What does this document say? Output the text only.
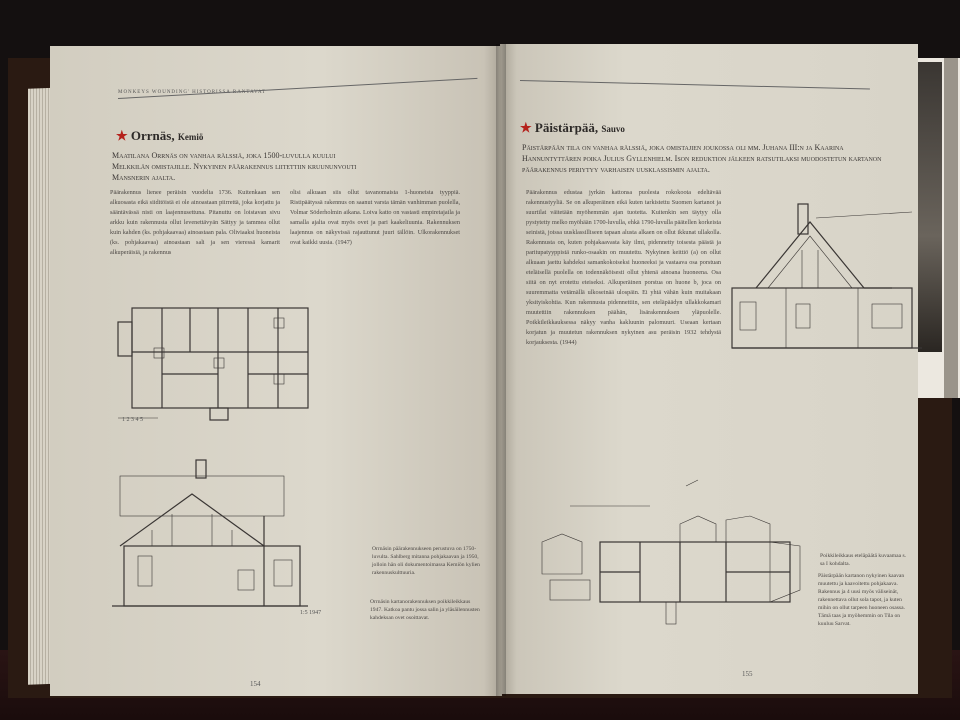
MONKEYS WOUNDING' HISTORISSA RANTAVAT
★ Orrnäs, Kemiö
Maatilana Orrnäs on vanhaa rälssiä, joka 1500-luvulla kuului Melkkilän omistajille. Nykyinen päärakennus liitettiin kruununvouti Mansnerin ajalta.
Päärakennus lienee peräisin vuodelta 1736. Kuitenkaan sen alkuosasta eikä siiditöistä ei ole ainoastaan piirrettä, joka korjattu ja sääntävässä nisti on laajennusettuna. Pitanuttu on loistavan sivu arkku kuin rakennusta ollut levenettävyän Sättyy ja tammea ollut kuin kahden (ks. pohjakaavaa) ainoastaan pala. Oliviaaksi huoneista (ks. pohjakaavaa) ainoastaan sali ja sen vieressä kamarit alkuperäisiä, ja rakennus
olisi alkuaan siis ollut tavanomaista 1-huoneista tyyppiä. Ristipäätyssä rakennus on saanut varsta tämän vanhimman puolella, Volmar Söderholmin aikana. Loiva katto on vastasti empiretajaila ja samalla ajalta ovat myös ovet ja pari kaakeliuunia. Rakennuksen laajennus on näkyvissä rajauttunut juuri tällöin. Ulkorakennukset ovat kaikki uusia. (1947)
1 2 3 4 5
1:5 1947
Orrnäsin päärakennukseen perustuva on 1750-luvulta. Sahlberg mitanna pohjakaavan ja 1950, jolloin hän oli dokumentoimassa Kemiön kylien rakennuskulttuuria.
Orrnäsin kartanorakennuksen poikkileikkaus 1947. Katkoa pantu jossa salin ja yläsäilennusten kahdeksan ovet osoittavat.
154
★ Päistärpää, Sauvo
Päistärpään tila on vanhaa rälssiä, joka omistajien joukossa oli mm. Juhana III:n ja Kaarina Hannuntyttären poika Julius Gyllenhielm. Ison reduktion jälkeen ratsutilaksi muodostetun kartanon päärakennus periytyy varhaisen uusklassismin ajalta.
Päärakennus edustaa jyrkän kattonsa puolesta rokokoota edeltävää rakennustyyliä. Se on alkuperäinen eikä kuten tarkistettu Suomen kartanot ja suurtilat väitetään myöhemmän ajan tuotetta. Kuitenkin sen täytyy olla pystytetty melko myöhään 1700-luvulla, ehkä 1790-luvulla päätellen korkeista seinistä, joissa uusklassilliseen tapaan alusta alkaen on ollut ikkunat ullakolla. Rakennusta on, kuten pohjakaavasta käy ilmi, pidennetty toisesta päästä ja paritupatyyppistä runko-osaakin on muutettu. Nykyinen keittiö (a) on ollut alkuaan jaettu kahdeksi samankokoiseksi huoneeksi ja vastaava osa porstuan eteläisellä puolella on todennäköisesti ollut yhtenä ainoana huoneena. Osa siitä on nyt erotettu eteiseksi. Alkuperäinen porstua on huone b, joca on suuremmatta vetämällä ulkoseinää ulospäin. Ei yhtä vähän kuin muitakaan yksityiskohtia. Kun rakennusta pidennettiin, sen eteläpäädyn ullakkokamari muutettiin rakennuksen päähän, lisärakennuksen yläpuolelle. Poikkileikkauksessa näkyy vanha kakluunin palomuuri. Useaan kertaan korjatun ja muutetun rakennuksen nykyinen asu peräisin 1932 tehdystä korjauksesta. (1944)
Poikkileikkaus eteläpäätä kuvaamaa s. sa I kohdalta.
Päistärpään kartanon nykyinen kaavan muutettu ja kaavoitettu pohjakaava. Rakennus ja 4 uusi myös väliseinät, rakennettava ollut sola tapot, ja kuten mihin on ollut tarpeen huoneen osassa. Tämä taas ja myöhemmin on Tila on kuuluu Sarvat.
155
